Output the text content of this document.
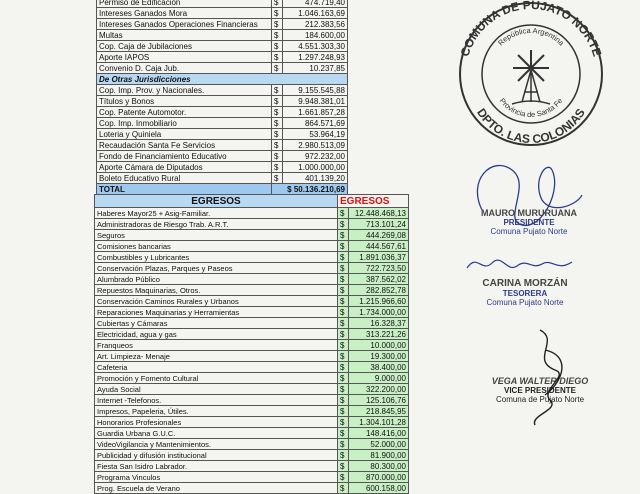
Permiso de Edificación	$	474.719,40
Intereses Ganados Mora	$	1.046.163,69
Intereses Ganados Operaciones Financieras	$	212.383,56
Multas	$	184.600,00
Cop. Caja de Jubilaciones	$	4.551.303,30
Aporte IAPOS	$	1.297.248,93
Convenio D. Caja Jub.	$	10.237,85
De Otras Jurisdicciones		
Cop. Imp. Prov. y Nacionales.	$	9.155.545,88
Títulos y Bonos	$	9.948.381,01
Cop. Patente Automotor.	$	1.661.857,28
Cop. Imp. Inmobiliario	$	864.571,69
Loteria y Quiniela	$	53.964,19
Recaudación Santa Fe Servicios	$	2.980.513,09
Fondo de Financiamiento Educativo	$	972.232,00
Aporte Cámara de Diputados	$	1.000.000,00
Boleto Educativo Rural	$	401.139,20
TOTAL	$ 50.136.210,69	
EGRESOS	EGRESOS	
Haberes Mayor25 + Asig-Familiar.	$	12.448.468,13
Administradoras de Riesgo Trab. A.R.T.	$	713.101,24
Seguros	$	444.269,08
Comisiones bancarias	$	444.567,61
Combustibles y Lubricantes	$	1.891.036,37
Conservación Plazas, Parques y Paseos	$	722.723,50
Alumbrado Público	$	387.562,02
Repuestos Maquinarias, Otros.	$	282.852,78
Conservación Caminos Rurales y Urbanos	$	1.215.966,60
Reparaciones Maquinarias y Herramientas	$	1.734.000,00
Cubiertas y Cámaras	$	16.328,37
Electricidad, agua y gas	$	313.221,26
Franqueos	$	10.000,00
Art. Limpieza- Menaje	$	19.300,00
Cafeteria	$	38.400,00
Promoción y Fomento Cultural	$	9.000,00
Ayuda Social	$	322.200,00
Internet -Telefonos.	$	125.106,76
Impresos, Papeleria, Útiles.	$	218.845,95
Honorarios Profesionales	$	1.304.101,28
Guardia Urbana G.U.C.	$	148.416,00
VideoVigilancia y Mantenimientos.	$	52.000,00
Publicidad y difusión institucional	$	81.900,00
Fiesta San Isidro Labrador.	$	80.300,00
Programa Vinculos	$	870.000,00
Prog. Escuela de Verano	$	600.158,00
COMUNA DE PUJATO NORTE
DPTO. LAS COLONIAS
República Argentina
Provincia de Santa Fe
MAURO MURURUANA
PRESIDENTE
Comuna Pujato Norte
CARINA MORZÁN
TESORERA
Comuna Pujato Norte
VEGA WALTER DIEGO
VICE PRESIDENTE
Comuna de Pujato Norte
